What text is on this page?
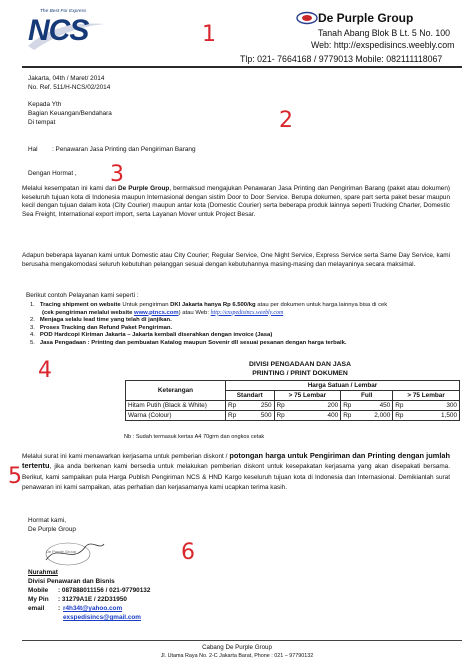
The Best For Express
NCS	De Purple Group
Tanah Abang Blok B Lt. 5 No. 100
Web: http://exspedisincs.weebly.com
Tlp: 021- 7664168 / 9779013 Mobile: 082111118067
1
2
3
4
5
6
Jakarta, 04th / Maret/ 2014
No. Ref. 511/H-NCS/02/2014
Kepada Yth
Bagian Keuangan/Bendahara
Di tempat
Hal : Penawaran Jasa Printing dan Pengiriman Barang
Dengan Hormat ,
Melalui kesempatan ini kami dari De Purple Group, bermaksud mengajukan Penawaran Jasa Printing dan Pengiriman Barang (paket atau dokumen) keseluruh tujuan kota di Indonesia maupun Internasional dengan sistim Door to Door Service. Berupa dokumen, spare part serta paket besar maupun kecil dengan tujuan dalam kota (City Courier) maupun antar kota (Domestic Courier) serta beberapa produk lainnya seperti Trucking Charter, Domestic Sea Freight, International export import, serta Layanan Mover untuk Project Besar.
Adapun beberapa layanan kami untuk Domestic atau City Courier; Regular Service, One Night Service, Express Service serta Same Day Service, kami berusaha mengakomodasi seluruh kebutuhan pelanggan sesuai dengan kebutuhannya masing-masing dan melayaninya secara maksimal.
Berikut contoh Pelayanan kami seperti :
1.   Tracing shipment on website Untuk pengiriman DKI Jakarta hanya Rp 6.500/kg atau per dokumen untuk harga lainnya bisa di cek
(cek pengiriman melalui website www.ptncs.com) atau Web: http://exspedisincs.weebly.com
2.   Menjaga selalu lead time yang telah di janjikan.
3.   Proses Tracking dan Refund Paket Pengiriman.
4.   POD Hardcopi Kiriman Jakarta – Jakarta kembali diserahkan dengan invoice (Jasa)
5.   Jasa Pengadaan : Printing dan pembuatan Katalog maupun Sovenir dll sesuai pesanan dengan harga terbaik.
DIVISI PENGADAAN DAN JASA
PRINTING / PRINT DOKUMEN
Keterangan	Harga Satuan / Lembar							
	Standart		> 75 Lembar		Full		> 75 Lembar	
Hitam Putih (Black & White)	Rp	250	Rp	200	Rp	450	Rp	300
Warna (Colour)	Rp	500	Rp	400	Rp	2,000	Rp	1,500
Nb : Sudah termasuk kertas A4 70grm dan ongkos cetak
Melalui surat ini kami menawarkan kerjasama untuk pemberian diskont / potongan harga untuk Pengiriman dan Printing dengan jumlah tertentu, jika anda berkenan kami bersedia untuk melakukan pemberian diskont untuk kesepakatan kerjasama yang akan disepakati bersama. Berikut, kami sampaikan pula Harga Publish Pengiriman NCS & HND Kargo keseluruh tujuan kota di Indonesia dan Internasional. Demikianlah surat penawaran ini kami sampaikan, atas perhatian dan kerjasamanya kami ucapkan terima kasih.
Hormat kami,
De Purple Group
De Purple Group
Nurahmat
Divisi Penawaran dan Bisnis
Mobile : 087888011156 / 021-97790132
My Pin : 31279A1E / 22D31950
email : r4h34t@yahoo.com
exspedisincs@gmail.com
Cabang De Purple Group
Jl. Utama Raya No. 2-C Jakarta Barat, Phone : 021 – 97790132
